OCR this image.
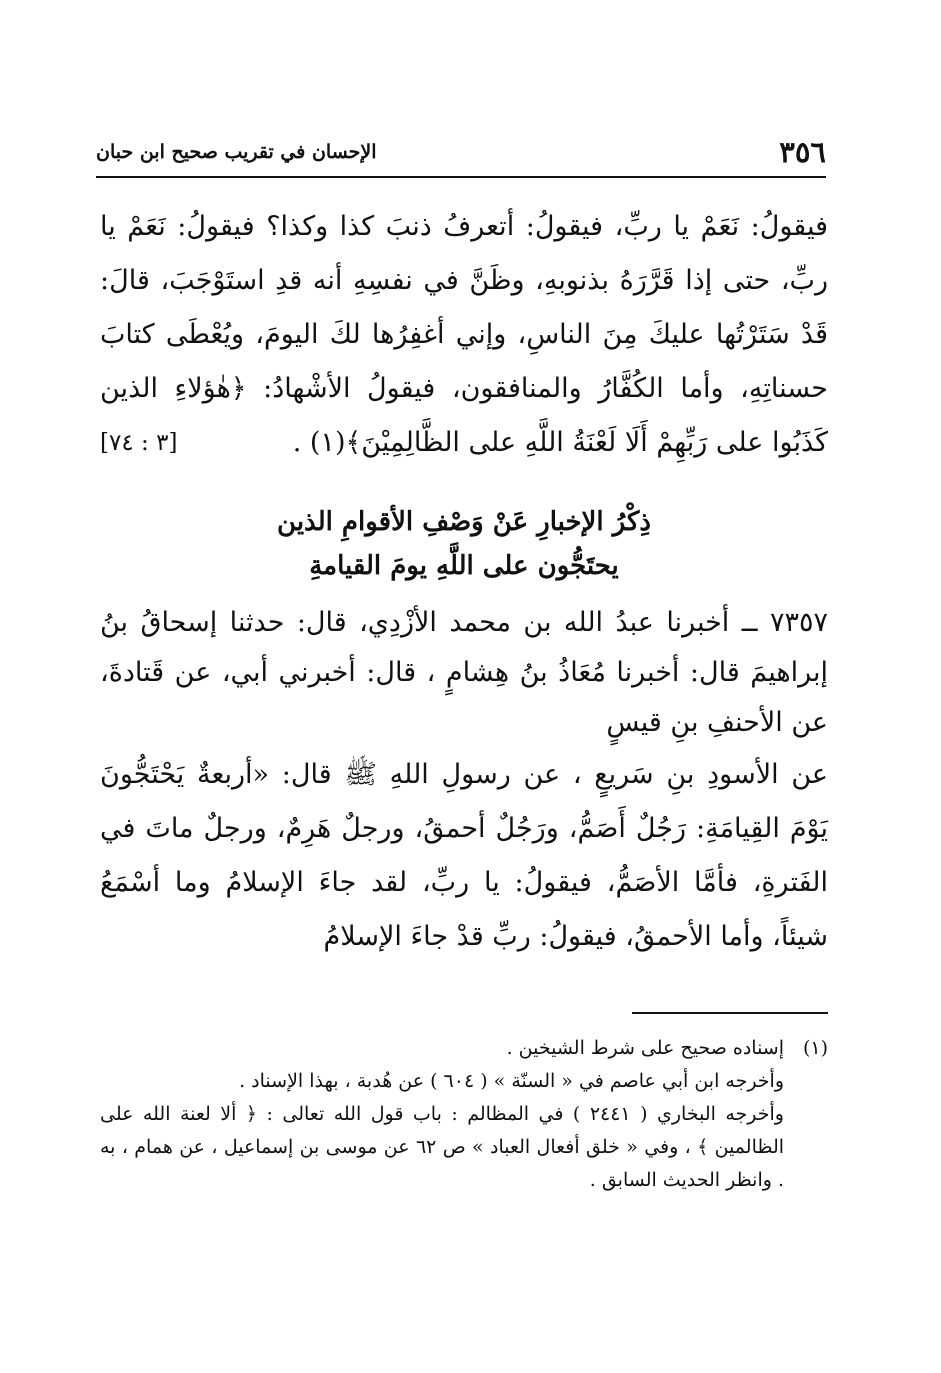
٣٥٦
الإحسان في تقريب صحيح ابن حبان

فيقولُ: نَعَمْ يا ربِّ، فيقولُ: أتعرفُ ذنبَ كذا وكذا؟ فيقولُ: نَعَمْ يا ربِّ، حتى إذا قَرَّرَهُ بذنوبهِ، وظَنَّ في نفسِهِ أنه قدِ استَوْجَبَ، قالَ: قَدْ سَتَرْتُها عليكَ مِنَ الناسِ، وإني أغفِرُها لكَ اليومَ، ويُعْطَى كتابَ حسناتِهِ، وأما الكُفَّارُ والمنافقون، فيقولُ الأشْهادُ: ﴿هٰؤلاءِ الذين كَذَبُوا على رَبِّهِمْ أَلَا لَعْنَةُ اللَّهِ على الظَّالِمِيْنَ﴾(١) .
[٣ : ٧٤]

ذِكْرُ الإخبارِ عَنْ وَصْفِ الأقوامِ الذين
يحتَجُّون على اللَّهِ يومَ القيامةِ

٧٣٥٧ ــ أخبرنا عبدُ الله بن محمد الأزْدِي، قال: حدثنا إسحاقُ بنُ إبراهيمَ قال: أخبرنا مُعَاذُ بنُ هِشامٍ ، قال: أخبرني أبي، عن قَتادةَ، عن الأحنفِ بنِ قيسٍ

عن الأسودِ بنِ سَريعٍ ، عن رسولِ اللهِ ﷺ قال: «أربعةٌ يَحْتَجُّونَ يَوْمَ القِيامَةِ: رَجُلٌ أَصَمُّ، ورَجُلٌ أحمقُ، ورجلٌ هَرِمٌ، ورجلٌ ماتَ في الفَترةِ، فأمَّا الأصَمُّ، فيقولُ: يا ربِّ، لقد جاءَ الإسلامُ وما أسْمَعُ شيئاً، وأما الأحمقُ، فيقولُ: ربِّ قدْ جاءَ الإسلامُ

(١)إسناده صحيح على شرط الشيخين .

وأخرجه ابن أبي عاصم في « السنّة » ( ٦٠٤ ) عن هُدبة ، بهذا الإسناد .

وأخرجه البخاري ( ٢٤٤١ ) في المظالم : باب قول الله تعالى : ﴿ ألا لعنة الله على الظالمين ﴾ ، وفي « خلق أفعال العباد » ص ٦٢ عن موسى بن إسماعيل ، عن همام ، به . وانظر الحديث السابق .
